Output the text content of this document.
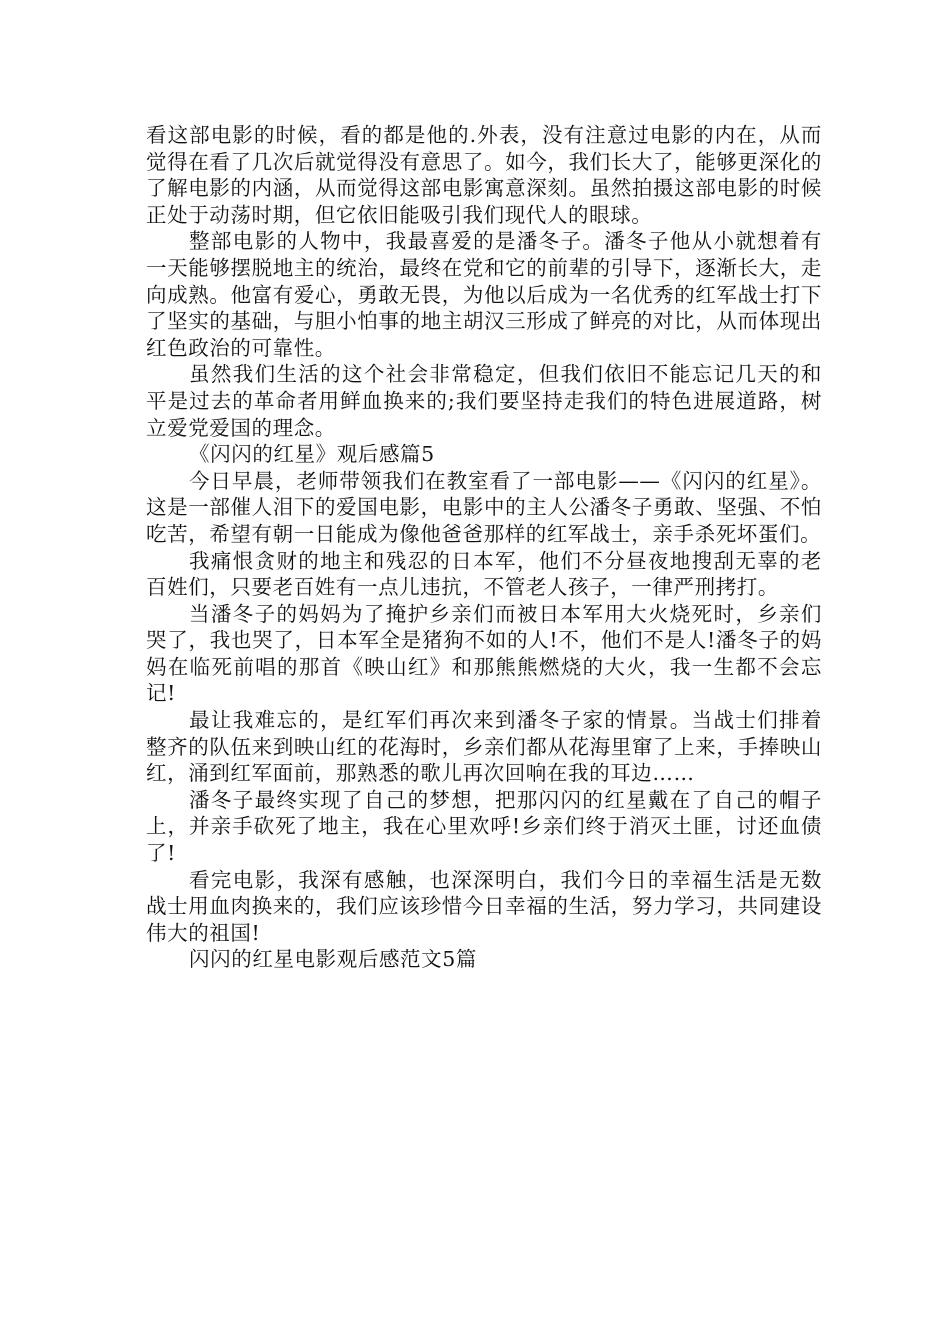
看这部电影的时候，看的都是他的.外表，没有注意过电影的内在，从而觉得在看了几次后就觉得没有意思了。如今，我们长大了，能够更深化的了解电影的内涵，从而觉得这部电影寓意深刻。虽然拍摄这部电影的时候正处于动荡时期，但它依旧能吸引我们现代人的眼球。

整部电影的人物中，我最喜爱的是潘冬子。潘冬子他从小就想着有一天能够摆脱地主的统治，最终在党和它的前辈的引导下，逐渐长大，走向成熟。他富有爱心，勇敢无畏，为他以后成为一名优秀的红军战士打下了坚实的基础，与胆小怕事的地主胡汉三形成了鲜亮的对比，从而体现出红色政治的可靠性。

虽然我们生活的这个社会非常稳定，但我们依旧不能忘记几天的和平是过去的革命者用鲜血换来的;我们要坚持走我们的特色进展道路，树立爱党爱国的理念。

《闪闪的红星》观后感篇5

今日早晨，老师带领我们在教室看了一部电影——《闪闪的红星》。这是一部催人泪下的爱国电影，电影中的主人公潘冬子勇敢、坚强、不怕吃苦，希望有朝一日能成为像他爸爸那样的红军战士，亲手杀死坏蛋们。

我痛恨贪财的地主和残忍的日本军，他们不分昼夜地搜刮无辜的老百姓们，只要老百姓有一点儿违抗，不管老人孩子，一律严刑拷打。

当潘冬子的妈妈为了掩护乡亲们而被日本军用大火烧死时，乡亲们哭了，我也哭了，日本军全是猪狗不如的人!不，他们不是人!潘冬子的妈妈在临死前唱的那首《映山红》和那熊熊燃烧的大火，我一生都不会忘记!

最让我难忘的，是红军们再次来到潘冬子家的情景。当战士们排着整齐的队伍来到映山红的花海时，乡亲们都从花海里窜了上来，手捧映山红，涌到红军面前，那熟悉的歌儿再次回响在我的耳边……

潘冬子最终实现了自己的梦想，把那闪闪的红星戴在了自己的帽子上，并亲手砍死了地主，我在心里欢呼!乡亲们终于消灭土匪，讨还血债了!

看完电影，我深有感触，也深深明白，我们今日的幸福生活是无数战士用血肉换来的，我们应该珍惜今日幸福的生活，努力学习，共同建设伟大的祖国!

闪闪的红星电影观后感范文5篇
